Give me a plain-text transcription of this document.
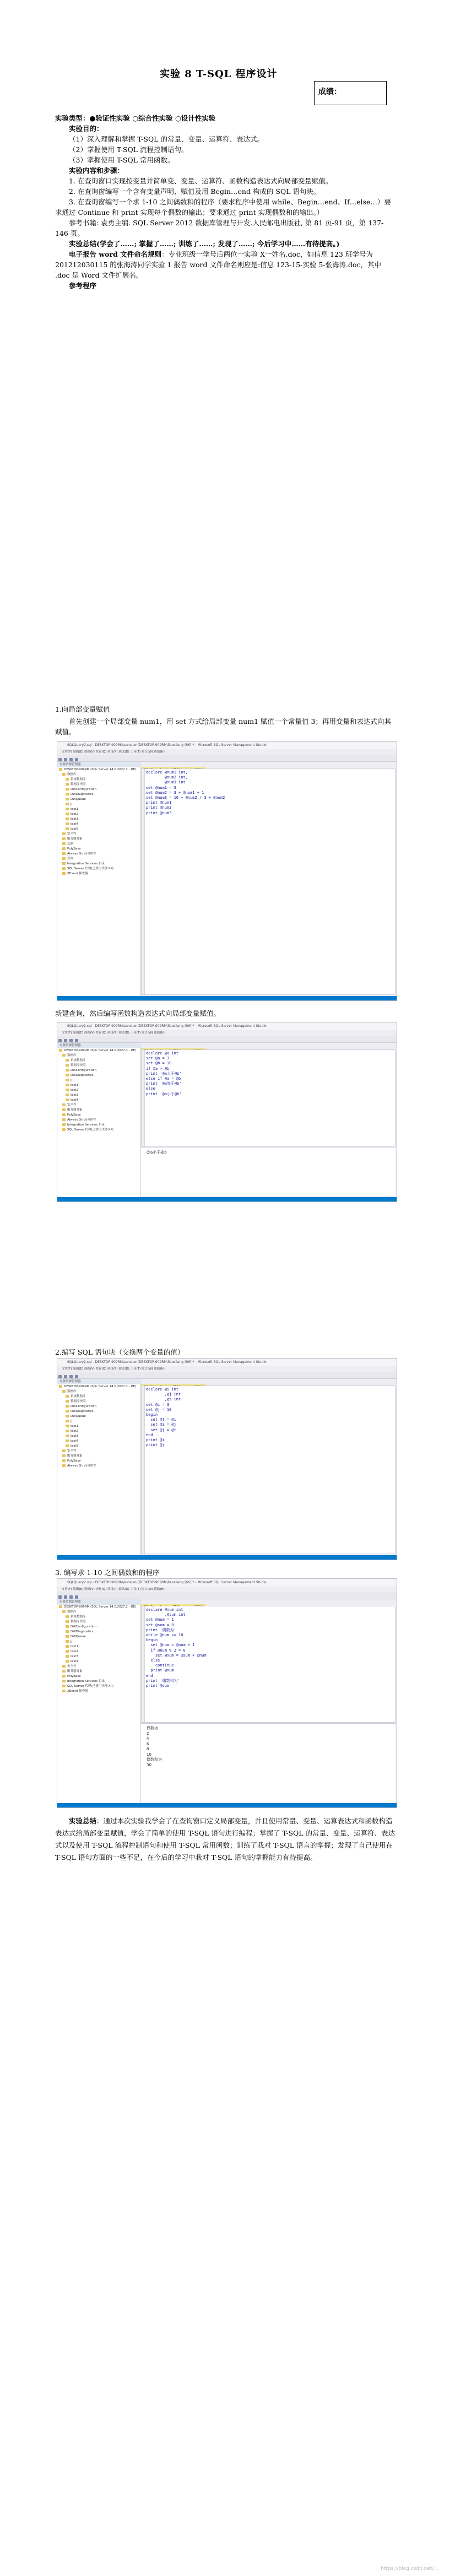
实验 8 T-SQL 程序设计
成绩：
实验类型：●验证性实验 ○综合性实验 ○设计性实验
实验目的：
（1）深入理解和掌握 T-SQL 的常量、变量、运算符、表达式。
（2）掌握使用 T-SQL 流程控制语句。
（3）掌握使用 T-SQL 常用函数。
实验内容和步骤：
1. 在查询窗口实现按变量并简单变、变量、运算符、函数构造表达式向局部变量赋值。
2. 在查询窗编写一个含有变量声明、赋值及用 Begin…end 构成的 SQL 语句块。
3. 在查询窗编写一个求 1-10 之间偶数和的程序（要求程序中使用 while、Begin…end、If…else…）要求通过 Continue 和 print 实现每个偶数的输出；要求通过 print 实现偶数和的输出。）
参考书籍: 袁勇主编. SQL Server 2012 数据库管理与开发.人民邮电出版社, 第 81 页-91 页，第 137-146 页。
实验总结(学会了……; 掌握了……; 训练了……; 发现了……; 今后学习中……有待提高。)
电子报告 word 文件命名规则：专业班级一学号后两位一实验 X一姓名.doc，如信息 123 班学号为 201212030115 的张海涛同学实验 1 报告 word 文件命名则应是:信息 123-15-实验 5-张海涛.doc，其中 .doc 是 Word 文件扩展名。
参考程序
1.向局部变量赋值
首先创建一个局部变量 num1，用 set 方式给局部变量 num1 赋值一个常量值 3；再用变量和表达式向其赋值。
SQLQuery2.sql - DESKTOP-909RM\sunsiao (DESKTOP-909RM\liaosliang (66))* - Microsoft SQL Server Management Studio
文件(F) 编辑(E) 视图(V) 查询(Q) 项目(P) 调试(D) 工具(T) 窗口(W) 帮助(H)
对象资源管理器
DESKTOP-909RM (SQL Server 14.0.2027.2 - DE)
数据库
系统数据库
数据库快照
DWConfiguration
DWDiagnostics
DWQueue
jj
test1
test2
test3
test4
test5
安全性
服务器对象
复制
PolyBase
Always On 高可用性
管理
Integration Services 目录
SQL Server 代理(已禁用代理 XP)
XEvent 探查器
declare @num1 int,
@num2 int,
@num3 int
set @num1 = 3
set @num2 = 3 + @num1 + 1
set @num3 = 10 + @num2 / 3 + @num2
print @num1
print @num2
print @num3
新建查询，然后编写函数构造表达式向局部变量赋值。
SQLQuery2.sql - DESKTOP-909RM\sunsiao (DESKTOP-909RM\liaosliang (66))* - Microsoft SQL Server Management Studio
文件(F) 编辑(E) 视图(V) 查询(Q) 项目(P) 调试(D) 工具(T) 窗口(W) 帮助(H)
对象资源管理器
DESKTOP-909RM (SQL Server 14.0.2027.2 - DE)
数据库
系统数据库
数据库快照
DWConfiguration
DWDiagnostics
jj
test1
test2
test3
test4
安全性
服务器对象
PolyBase
Always On 高可用性
Integration Services 目录
SQL Server 代理(已禁用代理 XP)
declare @a int
set @a = 3
set @b = 10
if @a > @b
print '@a大于@b'
else if @a = @b
print '@a等于@b'
else
print '@a小于@b'
@a小于@b
2.编写 SQL 语句块（交换两个变量的值）
SQLQuery2.sql - DESKTOP-909RM\sunsiao (DESKTOP-909RM\liaosliang (66))* - Microsoft SQL Server Management Studio
文件(F) 编辑(E) 视图(V) 查询(Q) 项目(P) 调试(D) 工具(T) 窗口(W) 帮助(H)
对象资源管理器
DESKTOP-909RM (SQL Server 14.0.2027.2 - DE)
数据库
系统数据库
数据库快照
DWConfiguration
DWDiagnostics
DWQueue
jj
test1
test2
test3
test4
test5
安全性
服务器对象
PolyBase
Always On 高可用性
declare @i int
,@j int
,@t int
set @i = 3
set @j = 10
begin
set @t = @i
set @i = @j
set @j = @t
end
print @i
print @j
3. 编写求 1-10 之间偶数和的程序
SQLQuery2.sql - DESKTOP-909RM\sunsiao (DESKTOP-909RM\liaosliang (66))* - Microsoft SQL Server Management Studio
文件(F) 编辑(E) 视图(V) 查询(Q) 项目(P) 调试(D) 工具(T) 窗口(W) 帮助(H)
对象资源管理器
DESKTOP-909RM (SQL Server 14.0.2027.2 - DE)
数据库
系统数据库
数据库快照
DWConfiguration
DWDiagnostics
DWQueue
jj
test1
test2
test3
test4
安全性
服务器对象
PolyBase
Integration Services 目录
SQL Server 代理(已禁用代理 XP)
XEvent 探查器
declare @num int
,@sum int
set @num = 1
set @sum = 0
print '偶数为'
while @num <= 10
begin
set @num = @num + 1
if @num % 2 = 0
set @sum = @sum + @num
else
continue
print @num
end
print '偶数和为'
print @sum
偶数为
2
4
6
8
10
偶数和为
30
实验总结：通过本次实验我学会了在查询窗口定义局部变量，并且使用常量、变量、运算表达式和函数构造表达式给局部变量赋值，学会了简单的使用 T-SQL 语句进行编程；掌握了 T-SQL 的常量、变量、运算符、表达式以及使用 T-SQL 流程控制语句和使用 T-SQL 常用函数；训练了我对 T-SQL 语言的掌握；发现了自己使用在 T-SQL 语句方面的一些不足，在今后的学习中我对 T-SQL 语句的掌握能力有待提高。
https://blog.csdn.net/...
